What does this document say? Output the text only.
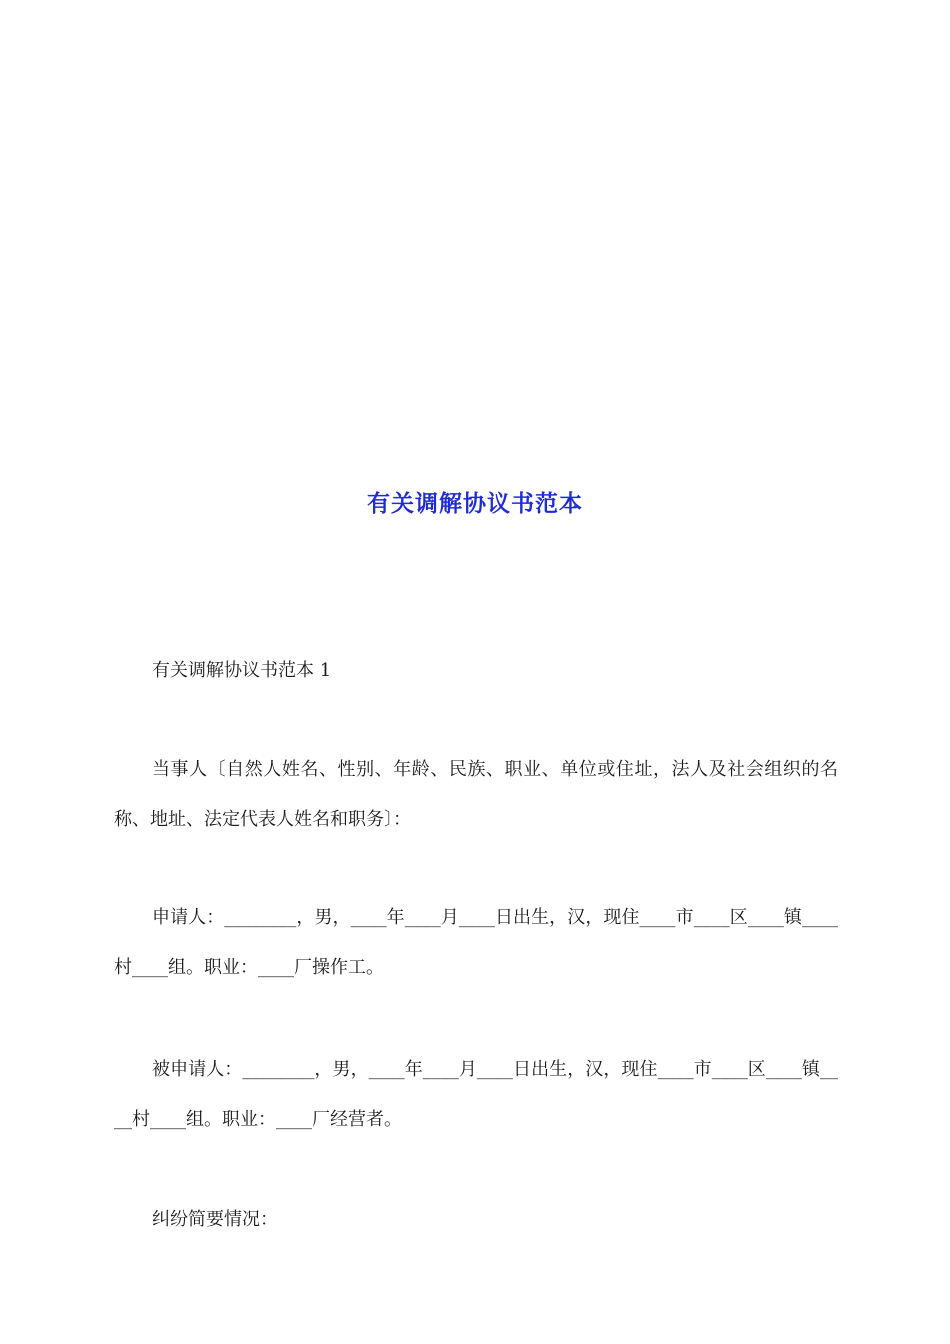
有关调解协议书范本

有关调解协议书范本 1

当事人〔自然人姓名、性别、年龄、民族、职业、单位或住址，法人及社会组织的名称、地址、法定代表人姓名和职务〕：

申请人：________，男，____年____月____日出生，汉，现住____市____区____镇____村____组。职业：____厂操作工。

被申请人：________，男，____年____月____日出生，汉，现住____市____区____镇____村____组。职业：____厂经营者。

纠纷简要情况：
